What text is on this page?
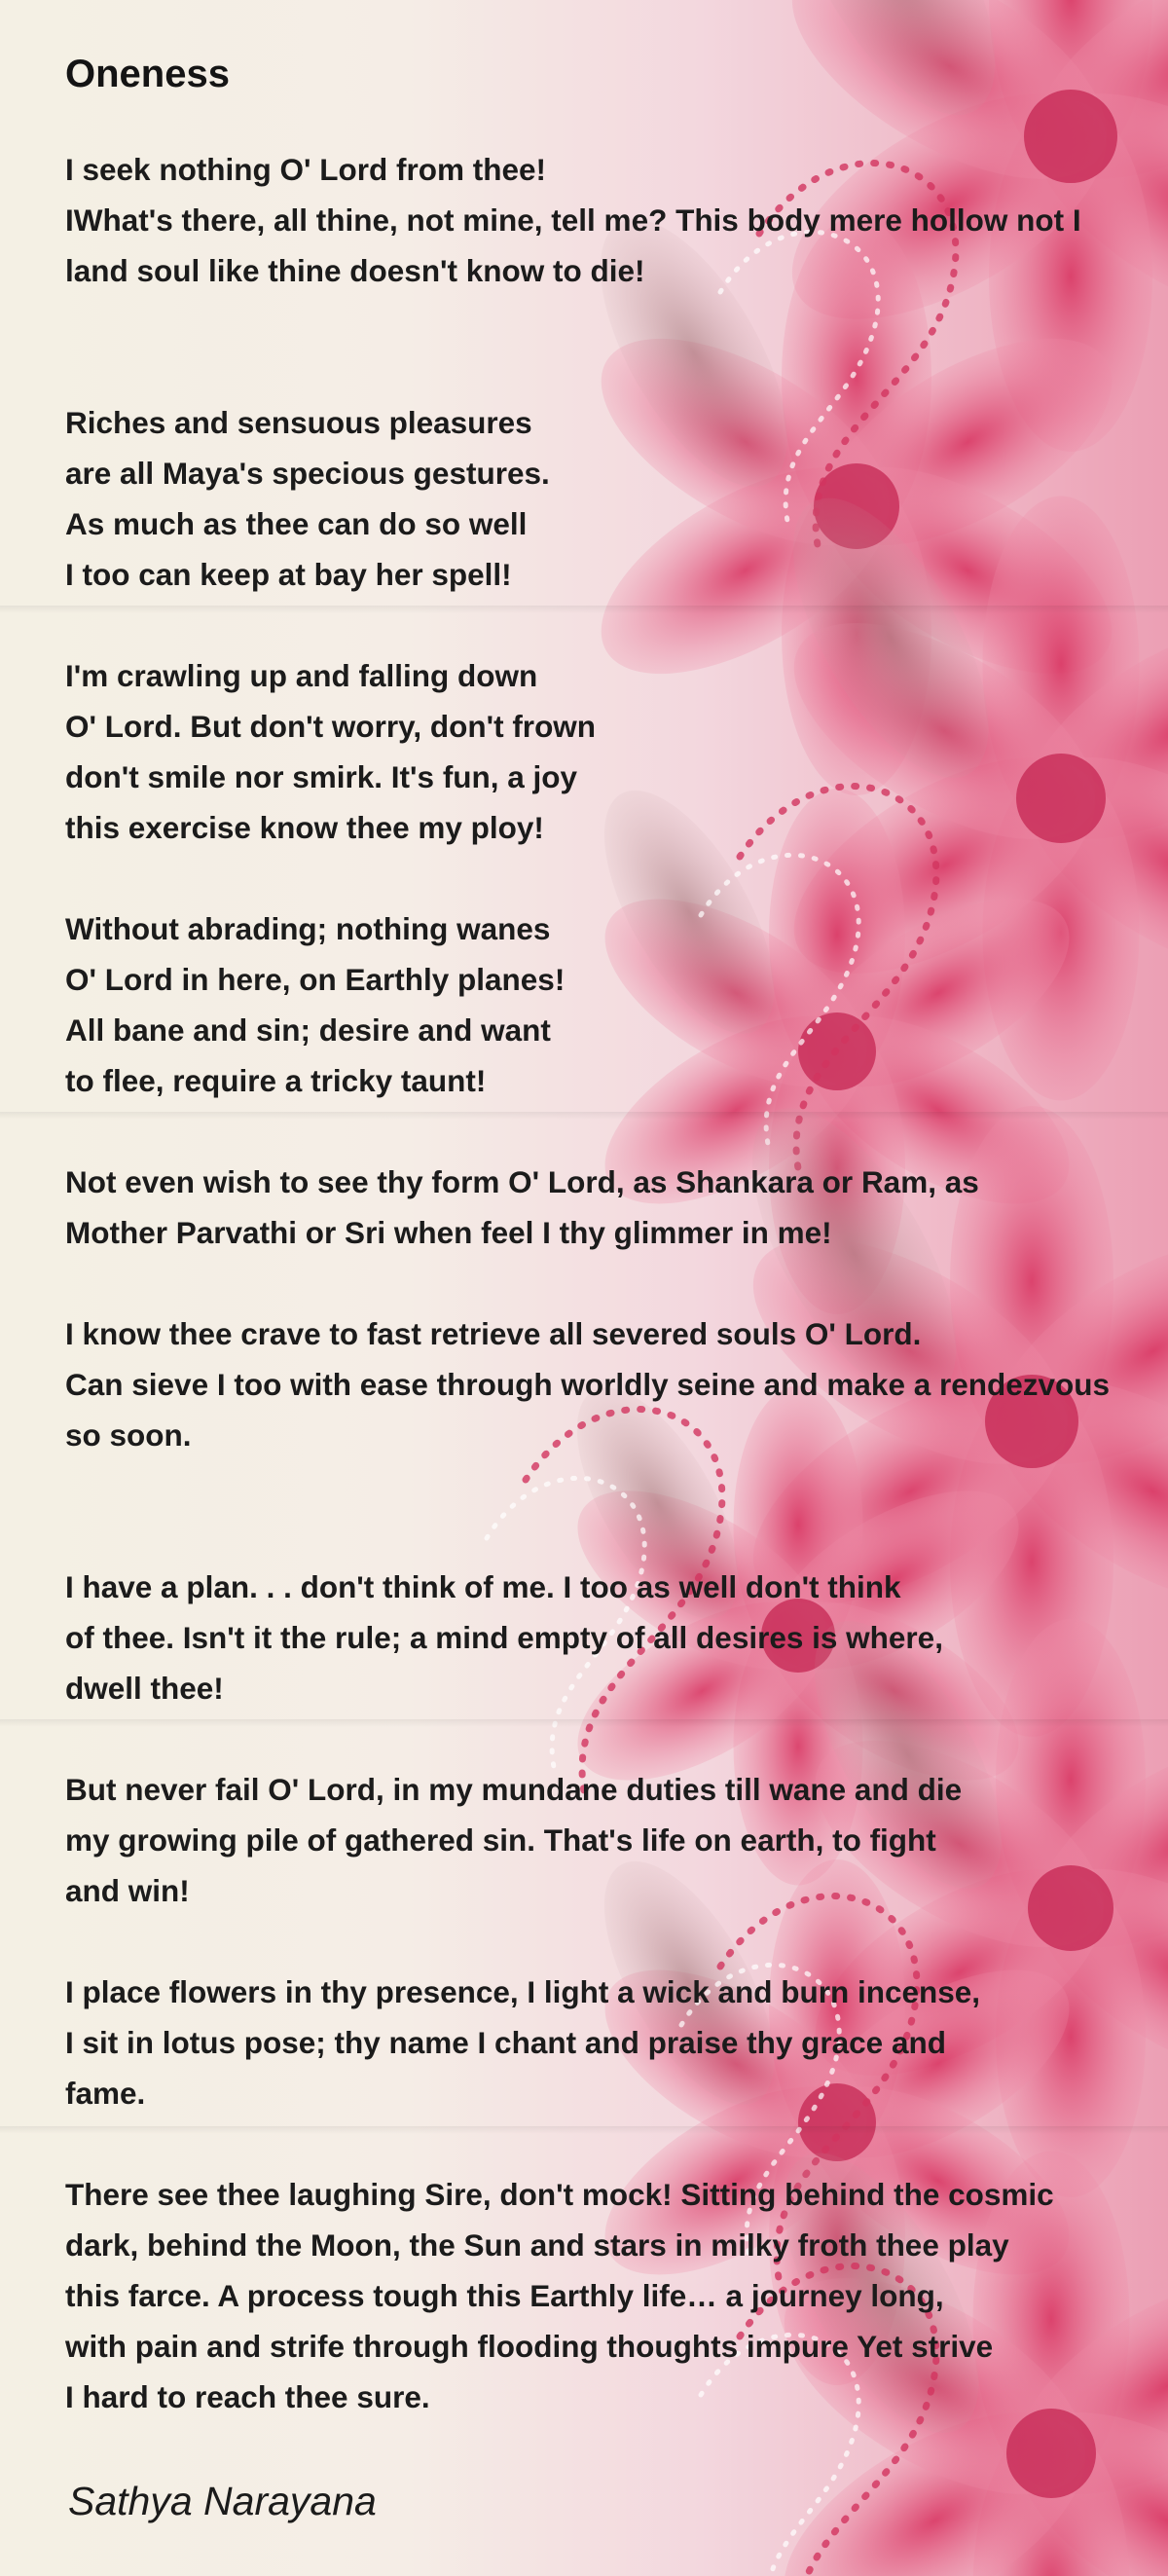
Oneness

I seek nothing O' Lord from thee!
IWhat's there, all thine, not mine, tell me? This body mere hollow not I
land soul like thine doesn't know to die!

Riches and sensuous pleasures
are all Maya's specious gestures.
As much as thee can do so well
I too can keep at bay her spell!

I'm crawling up and falling down
O' Lord. But don't worry, don't frown
don't smile nor smirk. It's fun, a joy
this exercise know thee my ploy!

Without abrading; nothing wanes
O' Lord in here, on Earthly planes!
All bane and sin; desire and want
to flee, require a tricky taunt!

Not even wish to see thy form O' Lord, as Shankara or Ram, as
Mother Parvathi or Sri when feel I thy glimmer in me!

I know thee crave to fast retrieve all severed souls O' Lord.
Can sieve I too with ease through worldly seine and make a rendezvous
so soon.

I have a plan. . . don't think of me. I too as well don't think
of thee. Isn't it the rule; a mind empty of all desires is where,
dwell thee!

But never fail O' Lord, in my mundane duties till wane and die
my growing pile of gathered sin. That's life on earth, to fight
and win!

I place flowers in thy presence, I light a wick and burn incense,
I sit in lotus pose; thy name I chant and praise thy grace and
fame.

There see thee laughing Sire, don't mock! Sitting behind the cosmic
dark, behind the Moon, the Sun and stars in milky froth thee play
this farce. A process tough this Earthly life… a journey long,
with pain and strife through flooding thoughts impure Yet strive
I hard to reach thee sure.

Sathya Narayana
